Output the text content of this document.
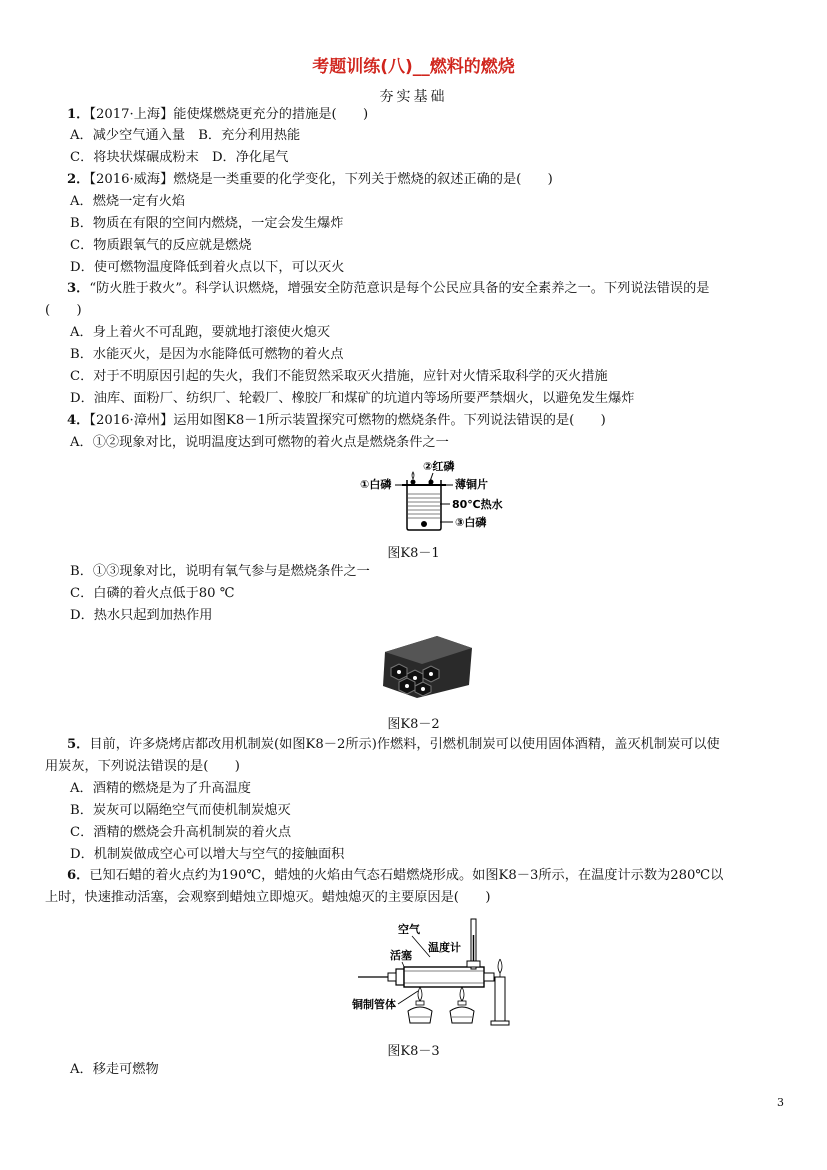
考题训练(八)__燃料的燃烧
夯实基础
1．【2017·上海】能使煤燃烧更充分的措施是(　　)
A．减少空气通入量　B．充分利用热能
C．将块状煤碾成粉末　D．净化尾气
2．【2016·威海】燃烧是一类重要的化学变化，下列关于燃烧的叙述正确的是(　　)
A．燃烧一定有火焰
B．物质在有限的空间内燃烧，一定会发生爆炸
C．物质跟氧气的反应就是燃烧
D．使可燃物温度降低到着火点以下，可以灭火
3．“防火胜于救火”。科学认识燃烧，增强安全防范意识是每个公民应具备的安全素养之一。下列说法错误的是
(　　)
A．身上着火不可乱跑，要就地打滚使火熄灭
B．水能灭火，是因为水能降低可燃物的着火点
C．对于不明原因引起的失火，我们不能贸然采取灭火措施，应针对火情采取科学的灭火措施
D．油库、面粉厂、纺织厂、轮毂厂、橡胶厂和煤矿的坑道内等场所要严禁烟火，以避免发生爆炸
4．【2016·漳州】运用如图K8－1所示装置探究可燃物的燃烧条件。下列说法错误的是(　　)
A．①②现象对比，说明温度达到可燃物的着火点是燃烧条件之一
①白磷
②红磷
薄铜片
80℃热水
③白磷
图K8－1
B．①③现象对比，说明有氧气参与是燃烧条件之一
C．白磷的着火点低于80 ℃
D．热水只起到加热作用
图K8－2
5．目前，许多烧烤店都改用机制炭(如图K8－2所示)作燃料，引燃机制炭可以使用固体酒精，盖灭机制炭可以使
用炭灰，下列说法错误的是(　　)
A．酒精的燃烧是为了升高温度
B．炭灰可以隔绝空气而使机制炭熄灭
C．酒精的燃烧会升高机制炭的着火点
D．机制炭做成空心可以增大与空气的接触面积
6．已知石蜡的着火点约为190℃，蜡烛的火焰由气态石蜡燃烧形成。如图K8－3所示，在温度计示数为280℃以
上时，快速推动活塞，会观察到蜡烛立即熄灭。蜡烛熄灭的主要原因是(　　)
空气
温度计
活塞
铜制管体
图K8－3
A．移走可燃物
3
